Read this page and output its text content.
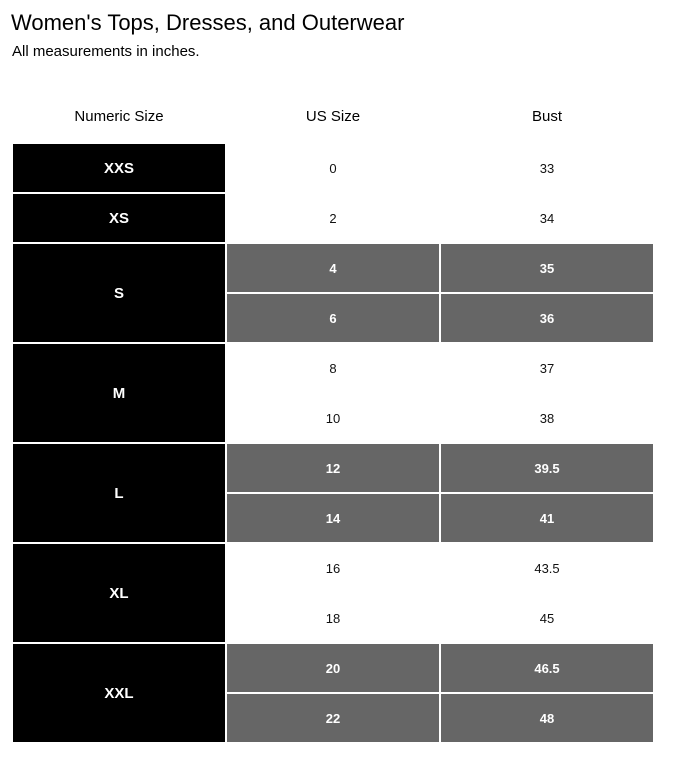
Women's Tops, Dresses, and Outerwear

All measurements in inches.

Numeric Size	US Size	Bust
XXS	0	33
XS	2	34
S
4	35
6	36
M
8	37
10	38
L
12	39.5
14	41
XL
16	43.5
18	45
XXL
20	46.5
22	48
